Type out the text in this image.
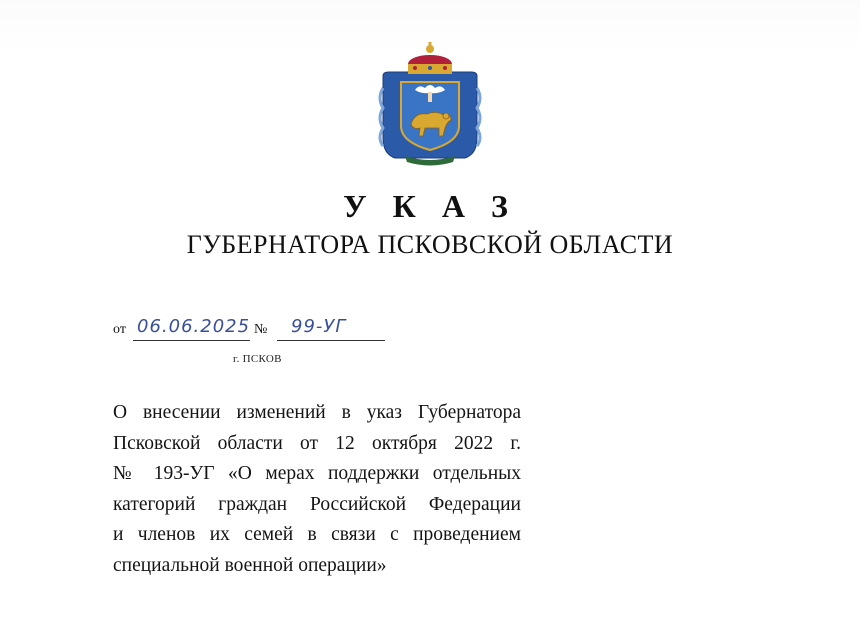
У К А З
ГУБЕРНАТОРА ПСКОВСКОЙ ОБЛАСТИ
от 06.06.2025 № 99-УГ
г. ПСКОВ
О внесении изменений в указ Губернатора
Псковской области от 12 октября 2022 г.
№ 193-УГ «О мерах поддержки отдельных
категорий граждан Российской Федерации
и членов их семей в связи с проведением
специальной военной операции»
